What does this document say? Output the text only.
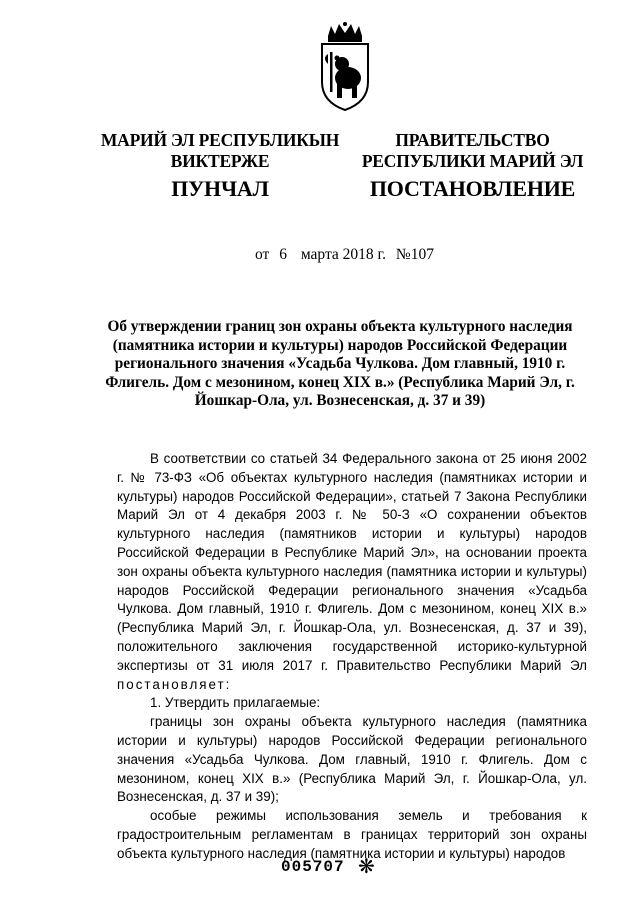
МАРИЙ ЭЛ РЕСПУБЛИКЫН
ВИКТЕРЖЕ
ПРАВИТЕЛЬСТВО
РЕСПУБЛИКИ МАРИЙ ЭЛ
ПУНЧАЛ	ПОСТАНОВЛЕНИЕ
от 6 марта 2018 г. №107
Об утверждении границ зон охраны объекта культурного наследия (памятника истории и культуры) народов Российской Федерации регионального значения «Усадьба Чулкова. Дом главный, 1910 г. Флигель. Дом с мезонином, конец XIX в.» (Республика Марий Эл, г. Йошкар-Ола, ул. Вознесенская, д. 37 и 39)

В соответствии со статьей 34 Федерального закона от 25 июня 2002 г. № 73-ФЗ «Об объектах культурного наследия (памятниках истории и культуры) народов Российской Федерации», статьей 7 Закона Республики Марий Эл от 4 декабря 2003 г. № 50-З «О сохранении объектов культурного наследия (памятников истории и культуры) народов Российской Федерации в Республике Марий Эл», на основании проекта зон охраны объекта культурного наследия (памятника истории и культуры) народов Российской Федерации регионального значения «Усадьба Чулкова. Дом главный, 1910 г. Флигель. Дом с мезонином, конец XIX в.» (Республика Марий Эл, г. Йошкар-Ола, ул. Вознесенская, д. 37 и 39), положительного заключения государственной историко-культурной экспертизы от 31 июля 2017 г. Правительство Республики Марий Эл постановляет:

1. Утвердить прилагаемые:

границы зон охраны объекта культурного наследия (памятника истории и культуры) народов Российской Федерации регионального значения «Усадьба Чулкова. Дом главный, 1910 г. Флигель. Дом с мезонином, конец XIX в.» (Республика Марий Эл, г. Йошкар-Ола, ул. Вознесенская, д. 37 и 39);

особые режимы использования земель и требования к градостроительным регламентам в границах территорий зон охраны объекта культурного наследия (памятника истории и культуры) народов

005707 ❋
